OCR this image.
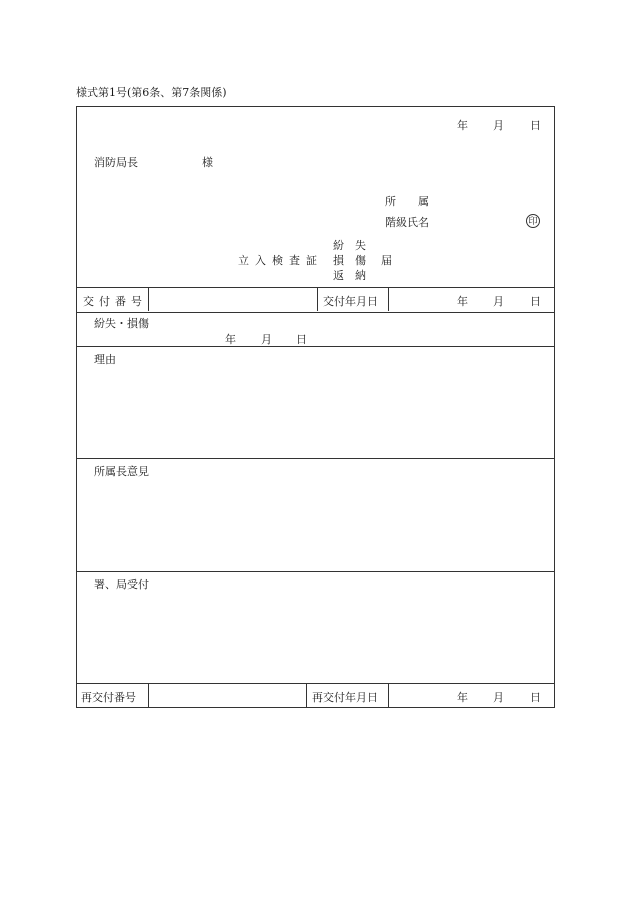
様式第1号(第6条、第7条関係)
年 月 日
消防局長	様
所　　属
階級氏名	印
立入検査証
紛失
損傷
返納
届
交付番号	交付年月日	年 月 日
紛失・損傷
年 月 日
理由
所属長意見
署、局受付
再交付番号	再交付年月日	年 月 日
